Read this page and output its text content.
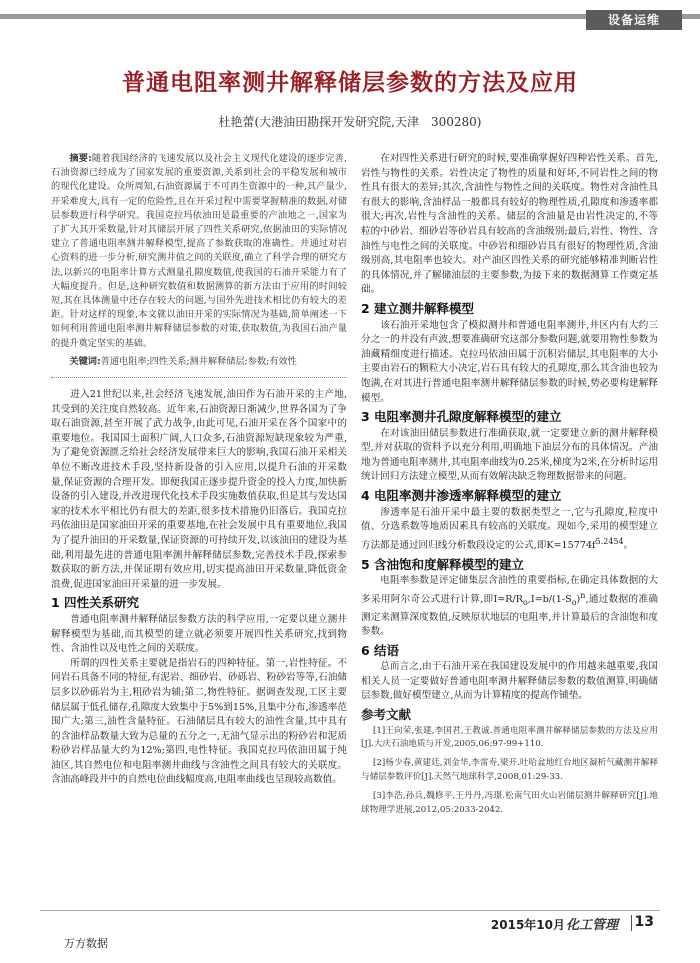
设备运维
普通电阻率测井解释储层参数的方法及应用
杜艳蕾(大港油田勘探开发研究院,天津　300280)

摘要:随着我国经济的飞速发展以及社会主义现代化建设的逐步完善,石油资源已经成为了国家发展的重要资源,关系到社会的平稳发展和城市的现代化建设。众所周知,石油资源属于不可再生资源中的一种,其产量少,开采难度大,具有一定的危险性,且在开采过程中需要掌握精准的数据,对储层参数进行科学研究。我国克拉玛依油田是最重要的产油地之一,国家为了扩大其开采数量,针对其储层开展了四性关系研究,依据油田的实际情况建立了普通电阻率测井解释模型,提高了参数获取的准确性。并通过对岩心资料的进一步分析,研究测井值之间的关联度,确立了科学合理的研究方法,以新兴的电阻率计算方式测量孔隙度数值,使我国的石油开采能力有了大幅度提升。但是,这种研究数值和数据测算的新方法由于应用的时间较短,其在具体测量中还存在较大的问题,与国外先进技术相比仍有较大的差距。针对这样的现象,本文就以油田开采的实际情况为基础,简单阐述一下如何利用普通电阻率测井解释储层参数的对策,获取数值,为我国石油产量的提升奠定坚实的基础。

关键词:普通电阻率;四性关系;测井解释储层;参数;有效性

进入21世纪以来,社会经济飞速发展,油田作为石油开采的主产地,其受到的关注度自然较高。近年来,石油资源日渐减少,世界各国为了争取石油资源,甚至开展了武力战争,由此可见,石油开采在各个国家中的重要地位。我国国土面积广阔,人口众多,石油资源短缺现象较为严重,为了避免资源匮乏给社会经济发展带来巨大的影响,我国石油开采相关单位不断改进技术手段,坚持新设备的引入应用,以提升石油的开采数量,保证资源的合理开发。即便我国正逐步提升资金的投入力度,加快新设备的引入建设,并改进现代化技术手段实施数值获取,但是其与发达国家的技术水平相比仍有很大的差距,很多技术措施仍旧落后。我国克拉玛依油田是国家油田开采的重要基地,在社会发展中具有重要地位,我国为了提升油田的开采数量,保证资源的可持续开发,以该油田的建设为基础,利用最先进的普通电阻率测井解释储层参数,完善技术手段,探索参数获取的新方法,并保证期有效应用,切实提高油田开采数量,降低资金浪费,促进国家油田开采量的进一步发展。

1 四性关系研究

普通电阻率测井解释储层参数方法的科学应用,一定要以建立测井解释模型为基础,而其模型的建立就必须要开展四性关系研究,找到物性、含油性以及电性之间的关联度。

所谓的四性关系主要就是指岩石的四种特征。第一,岩性特征。不同岩石具备不同的特征,有泥岩、细砂岩、砂砾岩、粉砂岩等等,石油储层多以砂砾岩为主,粗砂岩为辅;第二,物性特征。据调查发现,工区主要储层属于低孔储存,孔隙度大致集中于5%到15%,且集中分布,渗透率范围广大;第三,油性含量特征。石油储层具有较大的油性含量,其中具有的含油样品数量大致为总量的五分之一,无油气显示出的粉砂岩和泥质粉砂岩样品量大约为12%;第四,电性特征。我国克拉玛依油田属于纯油区,其自然电位和电阻率测井曲线与含油性之间具有较大的关联度。含油高峰段井中的自然电位曲线幅度高,电阻率曲线也呈现较高数值。

在对四性关系进行研究的时候,要准确掌握好四种岩性关系。首先,岩性与物性的关系。岩性决定了物性的质量和好坏,不同岩性之间的物性具有很大的差异;其次,含油性与物性之间的关联度。物性对含油性具有很大的影响,含油样品一般都具有较好的物理性质,孔隙度和渗透率都很大;再次,岩性与含油性的关系。储层的含油量是由岩性决定的,不等粒的中砂岩、细砂岩等砂岩具有较高的含油级别;最后,岩性、物性、含油性与电性之间的关联度。中砂岩和细砂岩具有很好的物理性质,含油级别高,其电阻率也较大。对产油区四性关系的研究能够精准判断岩性的具体情况,并了解储油层的主要参数,为接下来的数据测算工作奠定基础。

2 建立测井解释模型

该石油开采地包含了模拟测井和普通电阻率测井,井区内有大约三分之一的井没有声波,想要准确研究这部分参数问题,就要用物性参数为油藏精细度进行描述。克拉玛依油田属于沉积岩储层,其电阻率的大小主要由岩石的颗粒大小决定,岩石具有较大的孔隙度,那么其含油也较为饱满,在对其进行普通电阻率测井解释储层参数的时候,势必要构建解释模型。

3 电阻率测井孔隙度解释模型的建立

在对该油田储层参数进行准确获取,就一定要建立新的测井解释模型,并对获取的资料予以充分利用,明确地下油层分布的具体情况。产油地为普通电阻率测井,其电阻率曲线为0.25米,梯度为2米,在分析时运用统计回归方法建立模型,从而有效解决缺乏物理数据带来的问题。

4 电阻率测井渗透率解释模型的建立

渗透率是石油开采中最主要的数据类型之一,它与孔隙度,粒度中值、分选系数等地质因素具有较高的关联度。现如今,采用的模型建立方法都是通过回归线分析数段设定的公式,即$K=15774f^{5.2454}$。

5 含油饱和度解释模型的建立

电阻率参数是评定储集层含油性的重要指标,在确定具体数据的大多采用阿尔奇公式进行计算,即$I=R/R_o,I=b/(1-S_o)^n$,通过数据的准确测定来测算深度数值,反映原状地层的电阻率,并计算最后的含油饱和度参数。

6 结语

总而言之,由于石油开采在我国建设发展中的作用越来越重要,我国相关人员一定要做好普通电阻率测井解释储层参数的数值测算,明确储层参数,做好模型建立,从而为计算精度的提高作铺垫。

参考文献
[1]王向荣,张建,李国君,王教诚.普通电阻率测井解释储层参数的方法及应用[J].大庆石油地质与开发,2005,06:97-99+110.
[2]杨少春,黄建廷,刘金华,李雷寿,梁开.吐哈盆地红台地区凝析气藏测井解释与储层参数评价[J].天然气地球科学,2008,01:29-33.
[3]李浩,孙兵,魏修平,王丹丹,冯璟.松南气田火山岩储层测井解释研究[J].地球物理学进展,2012,05:2033-2042.
2015年10月 化工管理 13
万方数据
